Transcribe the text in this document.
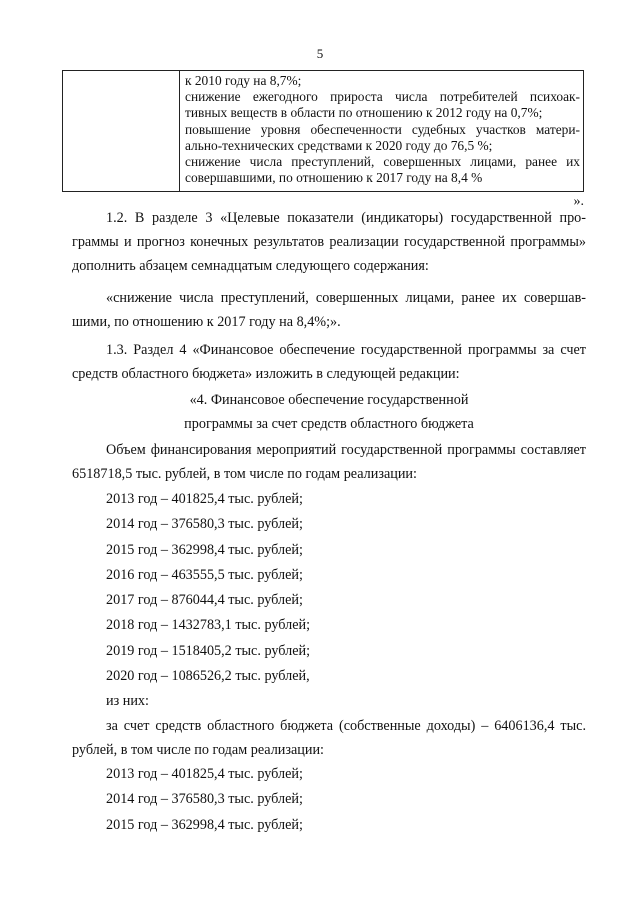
5
к 2010 году на 8,7%;
снижение ежегодного прироста числа потребителей психоак-
тивных веществ в области по отношению к 2012 году на 0,7%;
повышение уровня обеспеченности судебных участков матери-
ально-технических средствами к 2020 году до 76,5 %;
снижение числа преступлений, совершенных лицами, ранее их
совершавшими, по отношению к 2017 году на 8,4 %
».
1.2. В разделе 3 «Целевые показатели (индикаторы) государственной про-
граммы и прогноз конечных результатов реализации государственной программы»
дополнить абзацем семнадцатым следующего содержания:
«снижение числа преступлений, совершенных лицами, ранее их совершав-
шими, по отношению к 2017 году на 8,4%;».
1.3. Раздел 4 «Финансовое обеспечение государственной программы за счет
средств областного бюджета» изложить в следующей редакции:
«4. Финансовое обеспечение государственной
программы за счет средств областного бюджета
Объем финансирования мероприятий государственной программы составляет
6518718,5 тыс. рублей, в том числе по годам реализации:
2013 год – 401825,4 тыс. рублей;
2014 год – 376580,3 тыс. рублей;
2015 год – 362998,4 тыс. рублей;
2016 год – 463555,5 тыс. рублей;
2017 год – 876044,4 тыс. рублей;
2018 год – 1432783,1 тыс. рублей;
2019 год – 1518405,2 тыс. рублей;
2020 год – 1086526,2 тыс. рублей,
из них:
за счет средств областного бюджета (собственные доходы) – 6406136,4 тыс.
рублей, в том числе по годам реализации:
2013 год – 401825,4 тыс. рублей;
2014 год – 376580,3 тыс. рублей;
2015 год – 362998,4 тыс. рублей;
